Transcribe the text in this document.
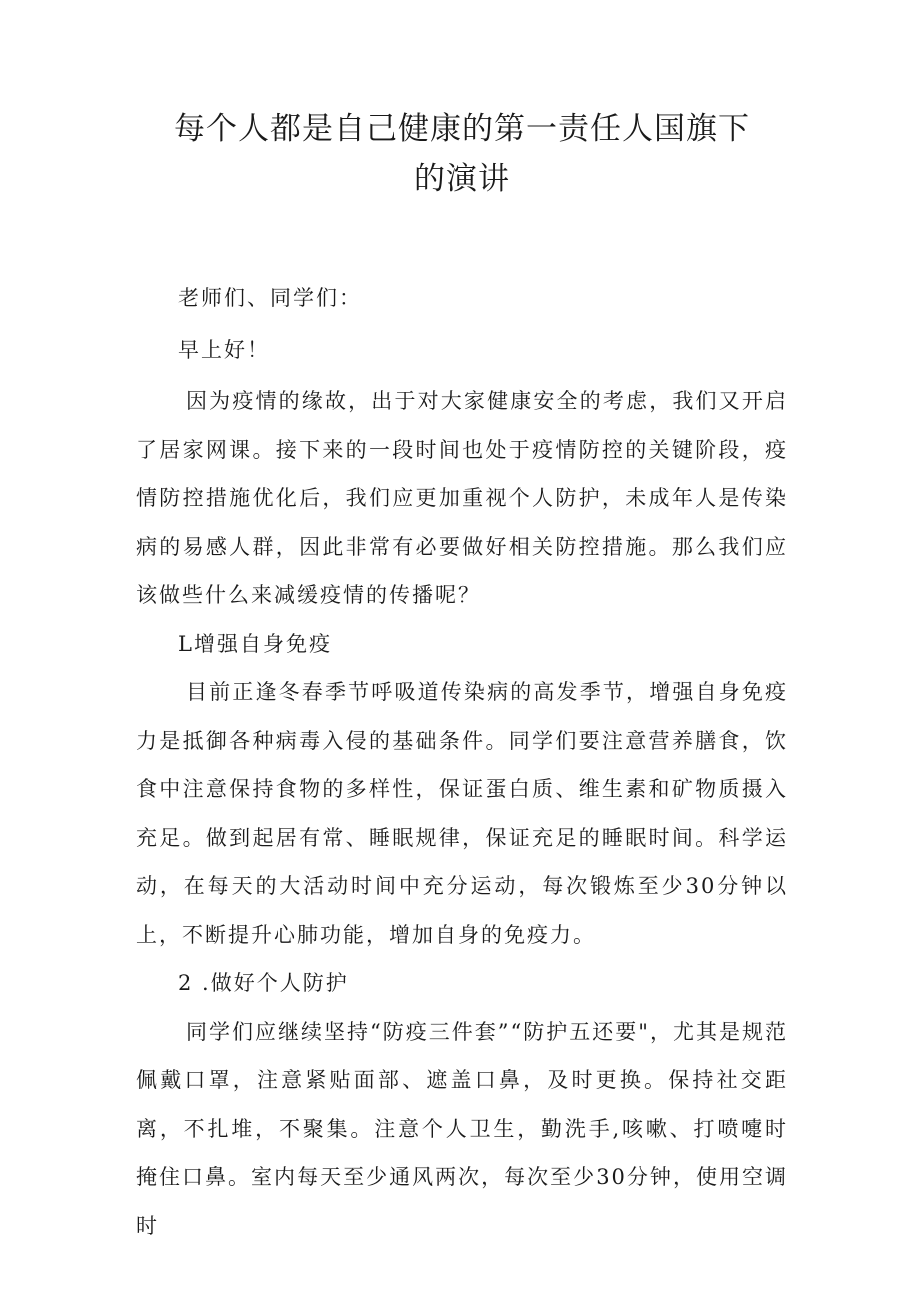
每个人都是自己健康的第一责任人国旗下
的演讲

老师们、同学们：

早上好！

因为疫情的缘故，出于对大家健康安全的考虑，我们又开启了居家网课。接下来的一段时间也处于疫情防控的关键阶段，疫情防控措施优化后，我们应更加重视个人防护，未成年人是传染病的易感人群，因此非常有必要做好相关防控措施。那么我们应该做些什么来减缓疫情的传播呢？

L增强自身免疫

目前正逢冬春季节呼吸道传染病的高发季节，增强自身免疫力是抵御各种病毒入侵的基础条件。同学们要注意营养膳食，饮食中注意保持食物的多样性，保证蛋白质、维生素和矿物质摄入充足。做到起居有常、睡眠规律，保证充足的睡眠时间。科学运动，在每天的大活动时间中充分运动，每次锻炼至少30分钟以上，不断提升心肺功能，增加自身的免疫力。

2 .做好个人防护

同学们应继续坚持“防疫三件套”“防护五还要"，尤其是规范佩戴口罩，注意紧贴面部、遮盖口鼻，及时更换。保持社交距离，不扎堆，不聚集。注意个人卫生，勤洗手,咳嗽、打喷嚏时掩住口鼻。室内每天至少通风两次，每次至少30分钟，使用空调时
